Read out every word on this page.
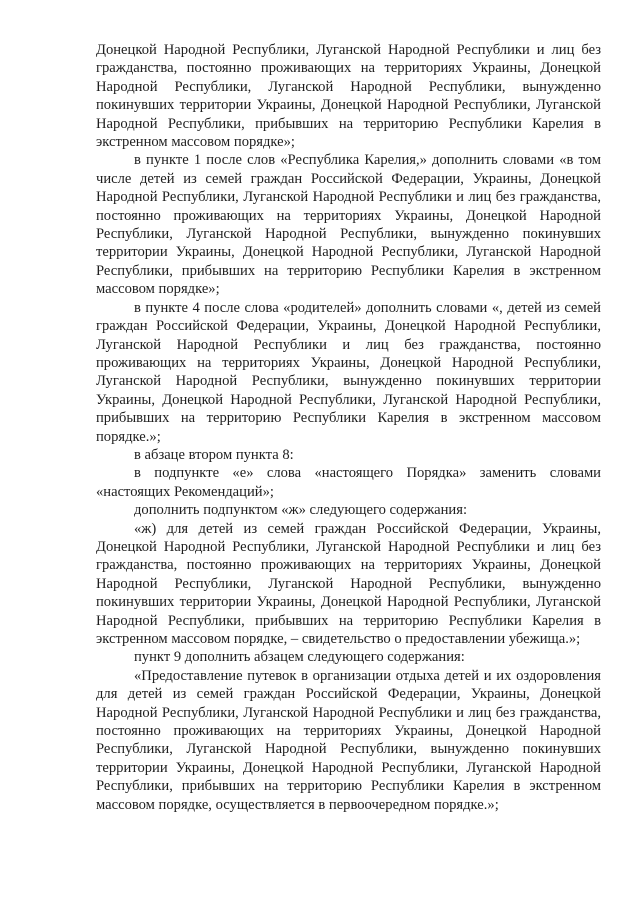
Донецкой Народной Республики, Луганской Народной Республики и лиц без гражданства, постоянно проживающих на территориях Украины, Донецкой Народной Республики, Луганской Народной Республики, вынужденно покинувших территории Украины, Донецкой Народной Республики, Луганской Народной Республики, прибывших на территорию Республики Карелия в экстренном массовом порядке»;

в пункте 1 после слов «Республика Карелия,» дополнить словами «в том числе детей из семей граждан Российской Федерации, Украины, Донецкой Народной Республики, Луганской Народной Республики и лиц без гражданства, постоянно проживающих на территориях Украины, Донецкой Народной Республики, Луганской Народной Республики, вынужденно покинувших территории Украины, Донецкой Народной Республики, Луганской Народной Республики, прибывших на территорию Республики Карелия в экстренном массовом порядке»;

в пункте 4 после слова «родителей» дополнить словами «, детей из семей граждан Российской Федерации, Украины, Донецкой Народной Республики, Луганской Народной Республики и лиц без гражданства, постоянно проживающих на территориях Украины, Донецкой Народной Республики, Луганской Народной Республики, вынужденно покинувших территории Украины, Донецкой Народной Республики, Луганской Народной Республики, прибывших на территорию Республики Карелия в экстренном массовом порядке.»;

в абзаце втором пункта 8:

в подпункте «е» слова «настоящего Порядка» заменить словами «настоящих Рекомендаций»;

дополнить подпунктом «ж» следующего содержания:

«ж) для детей из семей граждан Российской Федерации, Украины, Донецкой Народной Республики, Луганской Народной Республики и лиц без гражданства, постоянно проживающих на территориях Украины, Донецкой Народной Республики, Луганской Народной Республики, вынужденно покинувших территории Украины, Донецкой Народной Республики, Луганской Народной Республики, прибывших на территорию Республики Карелия в экстренном массовом порядке, – свидетельство о предоставлении убежища.»;

пункт 9 дополнить абзацем следующего содержания:

«Предоставление путевок в организации отдыха детей и их оздоровления для детей из семей граждан Российской Федерации, Украины, Донецкой Народной Республики, Луганской Народной Республики и лиц без гражданства, постоянно проживающих на территориях Украины, Донецкой Народной Республики, Луганской Народной Республики, вынужденно покинувших территории Украины, Донецкой Народной Республики, Луганской Народной Республики, прибывших на территорию Республики Карелия в экстренном массовом порядке, осуществляется в первоочередном порядке.»;
